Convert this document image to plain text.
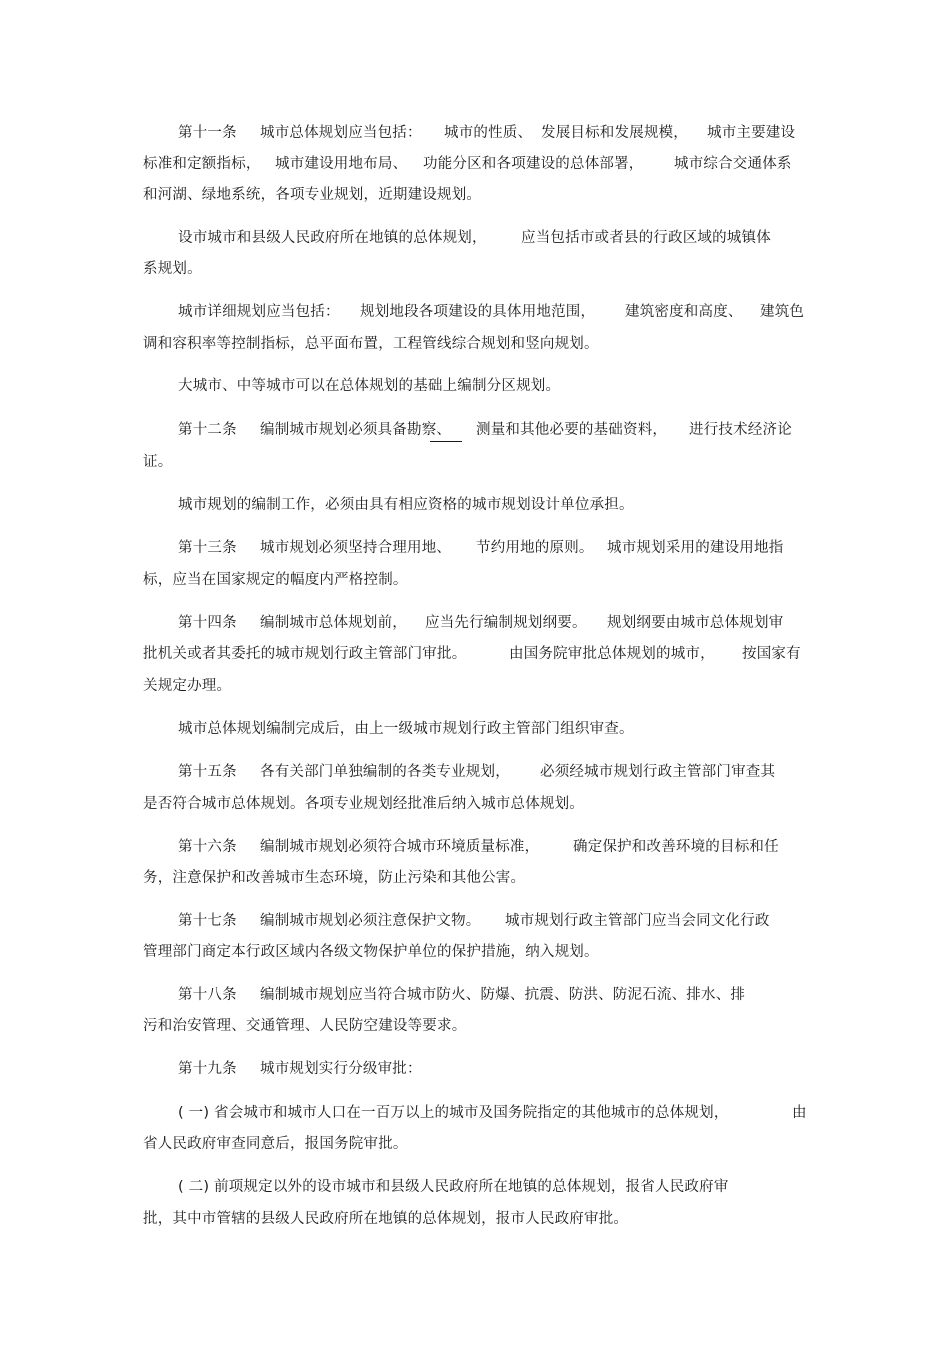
第十一条 城市总体规划应当包括： 城市的性质、 发展目标和发展规模， 城市主要建设
标准和定额指标， 城市建设用地布局、 功能分区和各项建设的总体部署， 城市综合交通体系
和河湖、绿地系统，各项专业规划，近期建设规划。
设市城市和县级人民政府所在地镇的总体规划， 应当包括市或者县的行政区域的城镇体
系规划。
城市详细规划应当包括： 规划地段各项建设的具体用地范围， 建筑密度和高度、 建筑色
调和容积率等控制指标，总平面布置，工程管线综合规划和竖向规划。
大城市、中等城市可以在总体规划的基础上编制分区规划。
第十二条 编制城市规划必须具备勘察、 测量和其他必要的基础资料， 进行技术经济论
证。
城市规划的编制工作，必须由具有相应资格的城市规划设计单位承担。
第十三条 城市规划必须坚持合理用地、 节约用地的原则。 城市规划采用的建设用地指
标，应当在国家规定的幅度内严格控制。
第十四条 编制城市总体规划前， 应当先行编制规划纲要。 规划纲要由城市总体规划审
批机关或者其委托的城市规划行政主管部门审批。	由国务院审批总体规划的城市， 按国家有
关规定办理。
城市总体规划编制完成后，由上一级城市规划行政主管部门组织审查。
第十五条 各有关部门单独编制的各类专业规划， 必须经城市规划行政主管部门审查其
是否符合城市总体规划。各项专业规划经批准后纳入城市总体规划。
第十六条 编制城市规划必须符合城市环境质量标准， 确定保护和改善环境的目标和任
务，注意保护和改善城市生态环境，防止污染和其他公害。
第十七条 编制城市规划必须注意保护文物。 城市规划行政主管部门应当会同文化行政
管理部门商定本行政区域内各级文物保护单位的保护措施，纳入规划。
第十八条 编制城市规划应当符合城市防火、防爆、抗震、防洪、防泥石流、排水、排
污和治安管理、交通管理、人民防空建设等要求。
第十九条 城市规划实行分级审批：
( 一) 省会城市和城市人口在一百万以上的城市及国务院指定的其他城市的总体规划，	由
省人民政府审查同意后，报国务院审批。
( 二) 前项规定以外的设市城市和县级人民政府所在地镇的总体规划，报省人民政府审
批，其中市管辖的县级人民政府所在地镇的总体规划，报市人民政府审批。
